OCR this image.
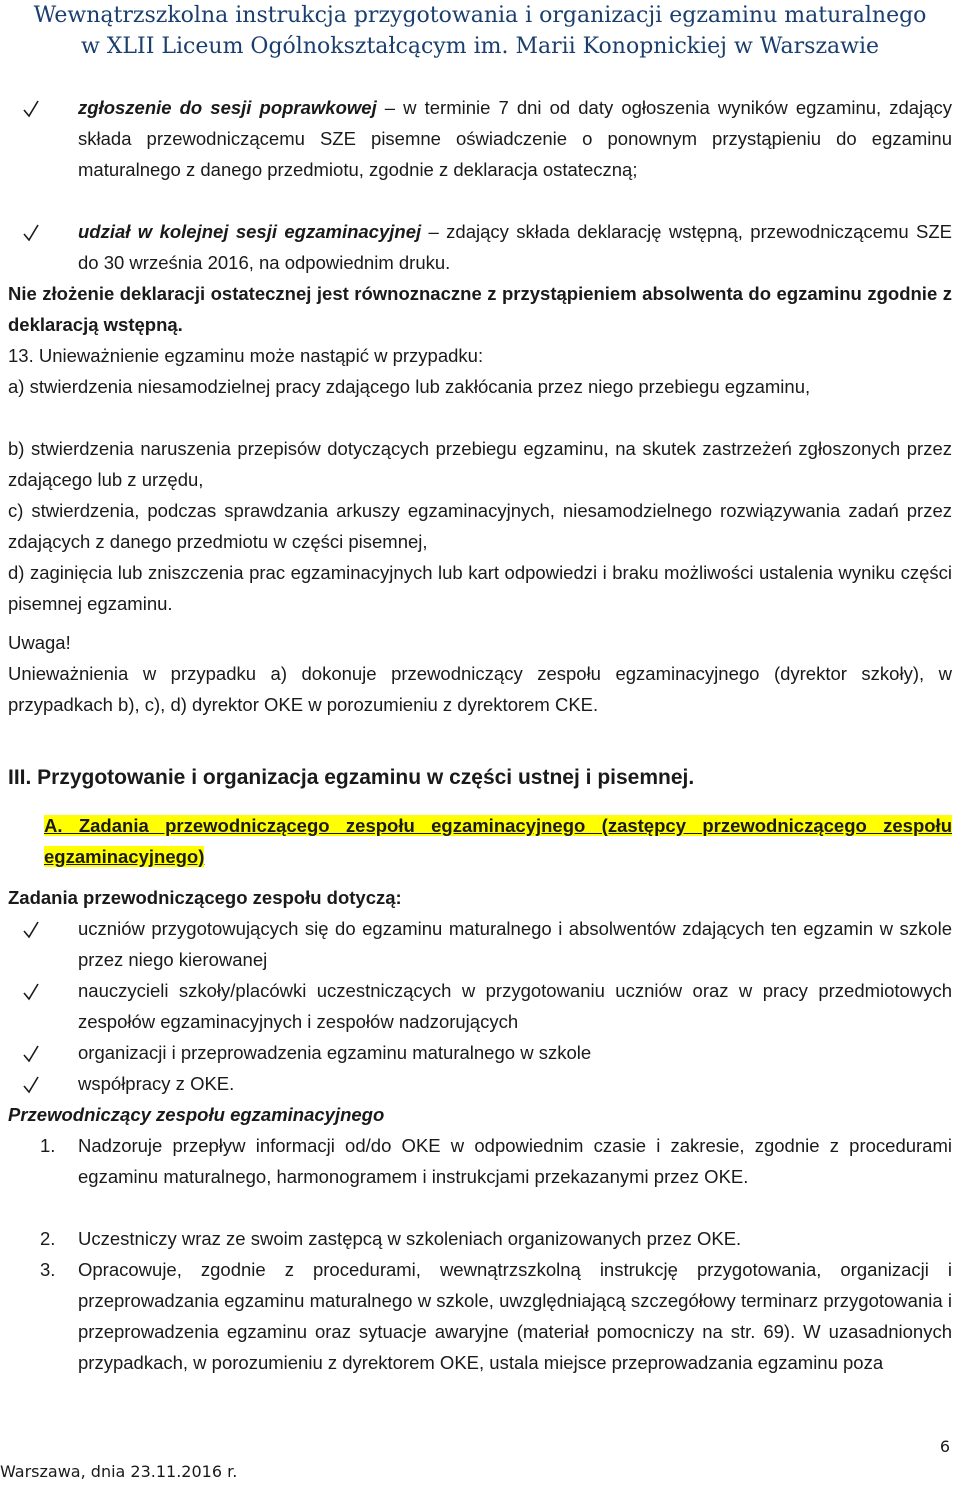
Wewnątrzszkolna instrukcja przygotowania i organizacji egzaminu maturalnego
w XLII Liceum Ogólnokształcącym im. Marii Konopnickiej w Warszawie
zgłoszenie do sesji poprawkowej – w terminie 7 dni od daty ogłoszenia wyników egzaminu, zdający składa przewodniczącemu SZE pisemne oświadczenie o ponownym przystąpieniu do egzaminu maturalnego z danego przedmiotu, zgodnie z deklaracja ostateczną;
udział w kolejnej sesji egzaminacyjnej – zdający składa deklarację wstępną, przewodniczącemu SZE do 30 września 2016, na odpowiednim druku.
Nie złożenie deklaracji ostatecznej jest równoznaczne z przystąpieniem absolwenta do egzaminu zgodnie z deklaracją wstępną.
13. Unieważnienie egzaminu może nastąpić w przypadku:
a) stwierdzenia niesamodzielnej pracy zdającego lub zakłócania przez niego przebiegu egzaminu,
b) stwierdzenia naruszenia przepisów dotyczących przebiegu egzaminu, na skutek zastrzeżeń zgłoszonych przez zdającego lub z urzędu,
c) stwierdzenia, podczas sprawdzania arkuszy egzaminacyjnych, niesamodzielnego rozwiązywania zadań przez zdających z danego przedmiotu w części pisemnej,
d) zaginięcia lub zniszczenia prac egzaminacyjnych lub kart odpowiedzi i braku możliwości ustalenia wyniku części pisemnej egzaminu.
Uwaga!
Unieważnienia w przypadku a) dokonuje przewodniczący zespołu egzaminacyjnego (dyrektor szkoły), w przypadkach b), c), d) dyrektor OKE w porozumieniu z dyrektorem CKE.
III. Przygotowanie i organizacja egzaminu w części ustnej i pisemnej.
A. Zadania przewodniczącego zespołu egzaminacyjnego (zastępcy przewodniczącego zespołu egzaminacyjnego)
Zadania przewodniczącego zespołu dotyczą:
uczniów przygotowujących się do egzaminu maturalnego i absolwentów zdających ten egzamin w szkole przez niego kierowanej
nauczycieli szkoły/placówki uczestniczących w przygotowaniu uczniów oraz w pracy przedmiotowych zespołów egzaminacyjnych i zespołów nadzorujących
organizacji i przeprowadzenia egzaminu maturalnego w szkole
współpracy z OKE.
Przewodniczący zespołu egzaminacyjnego
1. Nadzoruje przepływ informacji od/do OKE w odpowiednim czasie i zakresie, zgodnie z procedurami egzaminu maturalnego, harmonogramem i instrukcjami przekazanymi przez OKE.
2. Uczestniczy wraz ze swoim zastępcą w szkoleniach organizowanych przez OKE.
3. Opracowuje, zgodnie z procedurami, wewnątrzszkolną instrukcję przygotowania, organizacji i przeprowadzania egzaminu maturalnego w szkole, uwzględniającą szczegółowy terminarz przygotowania i przeprowadzenia egzaminu oraz sytuacje awaryjne (materiał pomocniczy na str. 69). W uzasadnionych przypadkach, w porozumieniu z dyrektorem OKE, ustala miejsce przeprowadzania egzaminu poza
6
Warszawa, dnia 23.11.2016 r.
